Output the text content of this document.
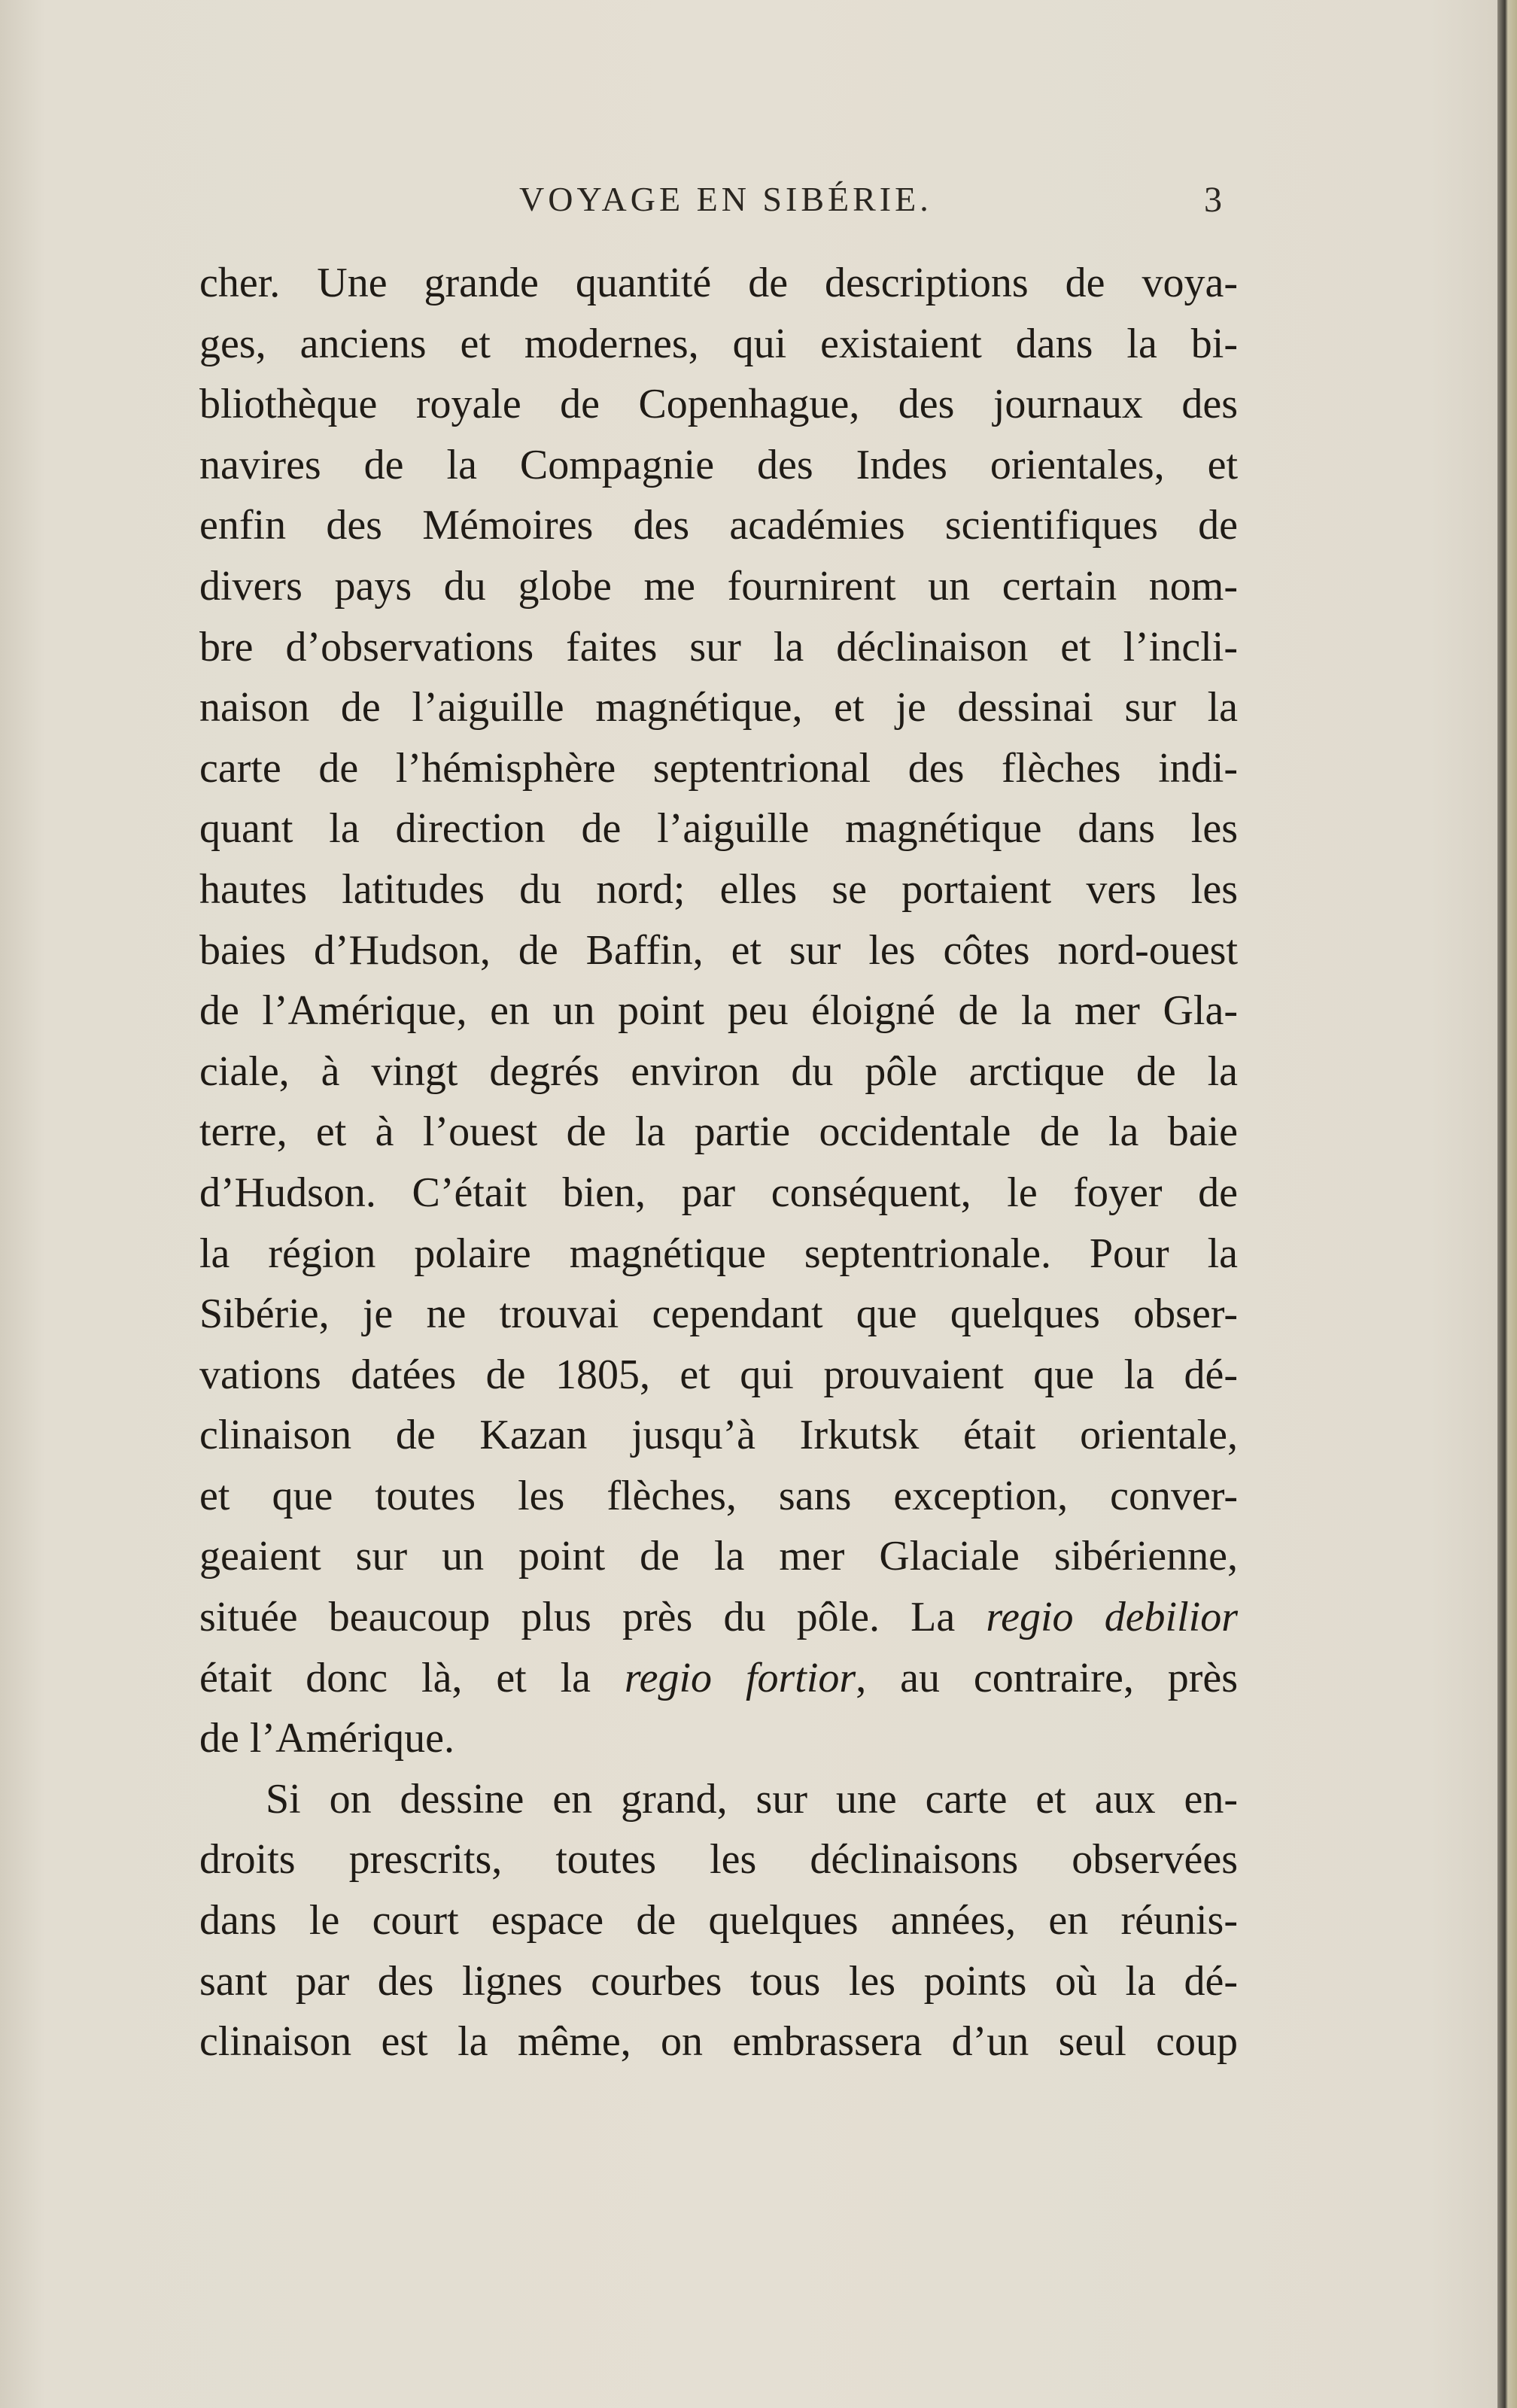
VOYAGE EN SIBÉRIE.	3
cher. Une grande quantité de descriptions de voya-
ges, anciens et modernes, qui existaient dans la bi-
bliothèque royale de Copenhague, des journaux des
navires de la Compagnie des Indes orientales, et
enfin des Mémoires des académies scientifiques de
divers pays du globe me fournirent un certain nom-
bre d’observations faites sur la déclinaison et l’incli-
naison de l’aiguille magnétique, et je dessinai sur la
carte de l’hémisphère septentrional des flèches indi-
quant la direction de l’aiguille magnétique dans les
hautes latitudes du nord; elles se portaient vers les
baies d’Hudson, de Baffin, et sur les côtes nord-ouest
de l’Amérique, en un point peu éloigné de la mer Gla-
ciale, à vingt degrés environ du pôle arctique de la
terre, et à l’ouest de la partie occidentale de la baie
d’Hudson. C’était bien, par conséquent, le foyer de
la région polaire magnétique septentrionale. Pour la
Sibérie, je ne trouvai cependant que quelques obser-
vations datées de 1805, et qui prouvaient que la dé-
clinaison de Kazan jusqu’à Irkutsk était orientale,
et que toutes les flèches, sans exception, conver-
geaient sur un point de la mer Glaciale sibérienne,
située beaucoup plus près du pôle. La regio debilior
était donc là, et la regio fortior, au contraire, près
de l’Amérique.
Si on dessine en grand, sur une carte et aux en-
droits prescrits, toutes les déclinaisons observées
dans le court espace de quelques années, en réunis-
sant par des lignes courbes tous les points où la dé-
clinaison est la même, on embrassera d’un seul coup
